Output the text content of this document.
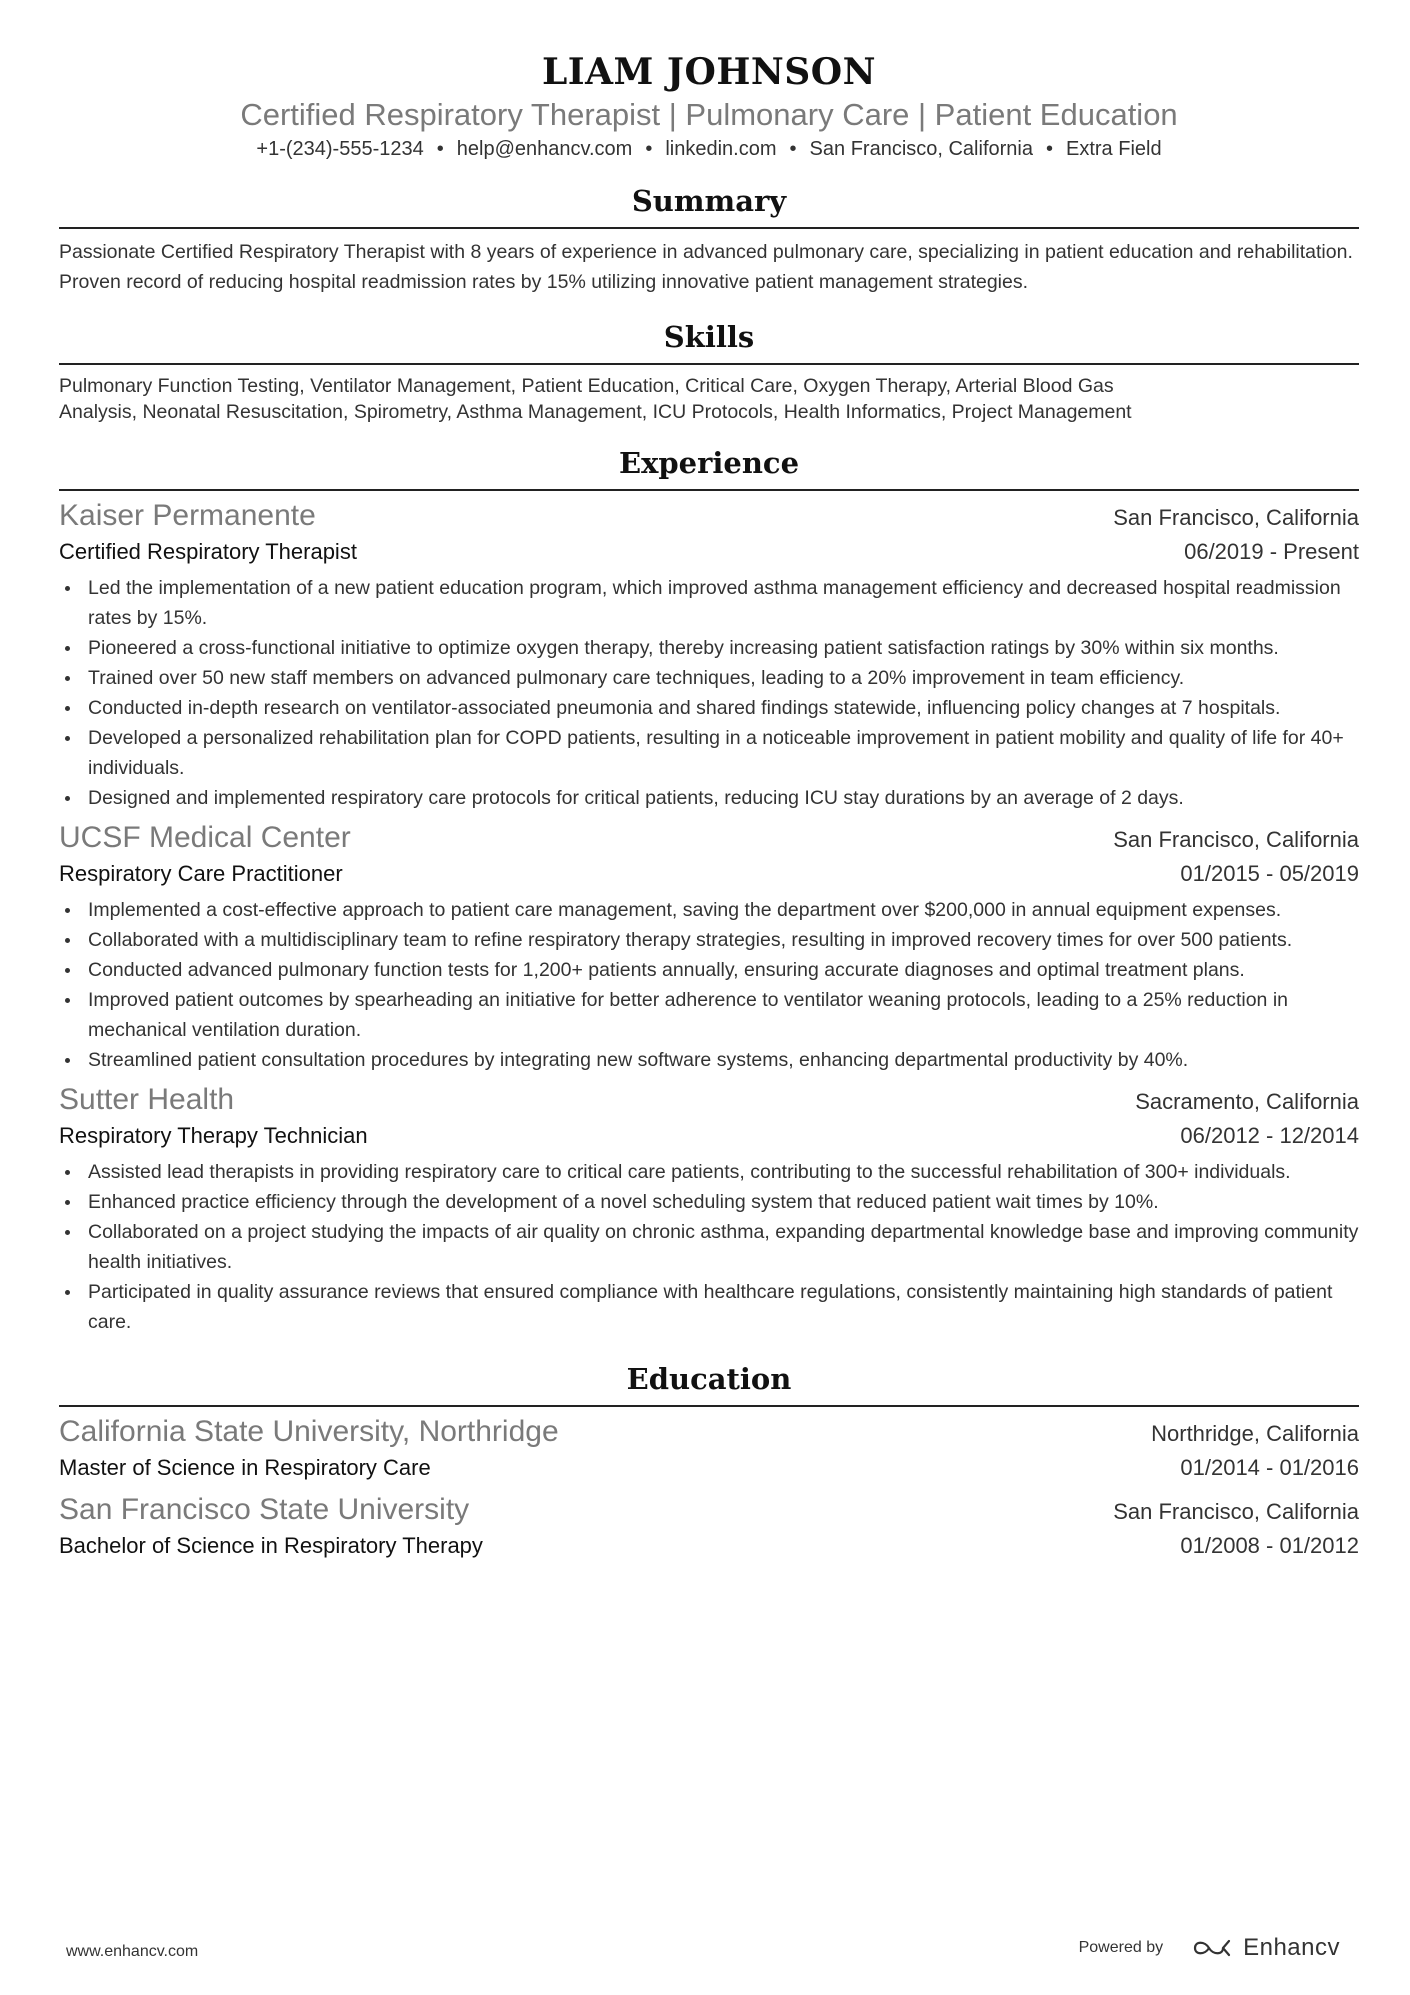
LIAM JOHNSON
Certified Respiratory Therapist | Pulmonary Care | Patient Education
+1-(234)-555-1234 • help@enhancv.com • linkedin.com • San Francisco, California • Extra Field
Summary
Passionate Certified Respiratory Therapist with 8 years of experience in advanced pulmonary care, specializing in patient education and rehabilitation. Proven record of reducing hospital readmission rates by 15% utilizing innovative patient management strategies.
Skills
Pulmonary Function Testing, Ventilator Management, Patient Education, Critical Care, Oxygen Therapy, Arterial Blood Gas
Analysis, Neonatal Resuscitation, Spirometry, Asthma Management, ICU Protocols, Health Informatics, Project Management
Experience
Kaiser Permanente	San Francisco, California
Certified Respiratory Therapist	06/2019 - Present
Led the implementation of a new patient education program, which improved asthma management efficiency and decreased hospital readmission rates by 15%.
Pioneered a cross-functional initiative to optimize oxygen therapy, thereby increasing patient satisfaction ratings by 30% within six months.
Trained over 50 new staff members on advanced pulmonary care techniques, leading to a 20% improvement in team efficiency.
Conducted in-depth research on ventilator-associated pneumonia and shared findings statewide, influencing policy changes at 7 hospitals.
Developed a personalized rehabilitation plan for COPD patients, resulting in a noticeable improvement in patient mobility and quality of life for 40+ individuals.
Designed and implemented respiratory care protocols for critical patients, reducing ICU stay durations by an average of 2 days.
UCSF Medical Center	San Francisco, California
Respiratory Care Practitioner	01/2015 - 05/2019
Implemented a cost-effective approach to patient care management, saving the department over $200,000 in annual equipment expenses.
Collaborated with a multidisciplinary team to refine respiratory therapy strategies, resulting in improved recovery times for over 500 patients.
Conducted advanced pulmonary function tests for 1,200+ patients annually, ensuring accurate diagnoses and optimal treatment plans.
Improved patient outcomes by spearheading an initiative for better adherence to ventilator weaning protocols, leading to a 25% reduction in mechanical ventilation duration.
Streamlined patient consultation procedures by integrating new software systems, enhancing departmental productivity by 40%.
Sutter Health	Sacramento, California
Respiratory Therapy Technician	06/2012 - 12/2014
Assisted lead therapists in providing respiratory care to critical care patients, contributing to the successful rehabilitation of 300+ individuals.
Enhanced practice efficiency through the development of a novel scheduling system that reduced patient wait times by 10%.
Collaborated on a project studying the impacts of air quality on chronic asthma, expanding departmental knowledge base and improving community health initiatives.
Participated in quality assurance reviews that ensured compliance with healthcare regulations, consistently maintaining high standards of patient care.
Education
California State University, Northridge	Northridge, California
Master of Science in Respiratory Care	01/2014 - 01/2016
San Francisco State University	San Francisco, California
Bachelor of Science in Respiratory Therapy	01/2008 - 01/2012
www.enhancv.com	Powered by	Enhancv
